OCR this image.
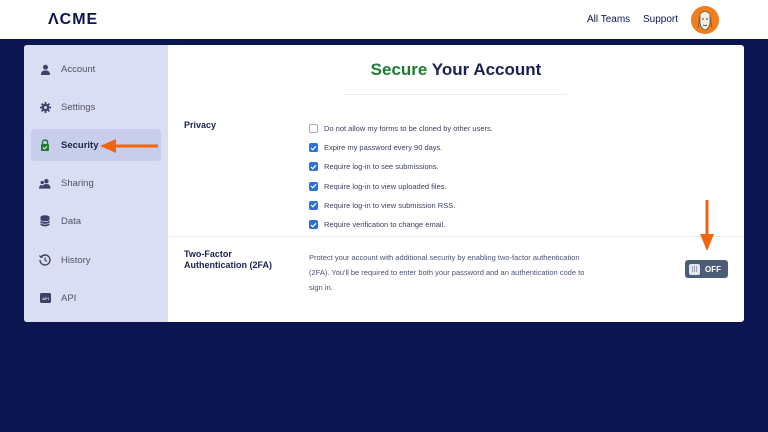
ΛCME	All Teams Support
Account
Settings
Security
Sharing
Data
History
API API
Secure Your Account
Privacy	Do not allow my forms to be cloned by other users.
Expire my password every 90 days.
Require log-in to see submissions.
Require log-in to view uploaded files.
Require log-in to view submission RSS.
Require verification to change email.
Two-Factor
Authentication (2FA)
Protect your account with additional security by enabling two-factor authentication (2FA). You'll be required to enter both your password and an authentication code to sign in.
OFF
